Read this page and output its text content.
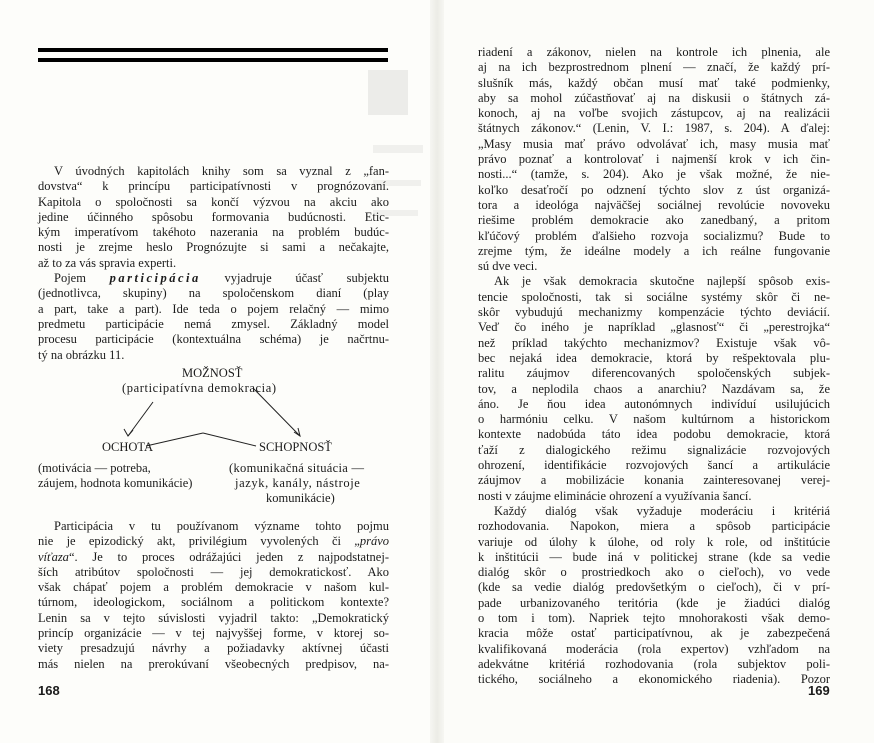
V úvodných kapitolách knihy som sa vyznal z „fan-
dovstva“ k princípu participatívnosti v prognózovaní.
Kapitola o spoločnosti sa končí výzvou na akciu ako
jedine účinného spôsobu formovania budúcnosti. Etic-
kým imperatívom takéhoto nazerania na problém budúc-
nosti je zrejme heslo Prognózujte si sami a nečakajte,
až to za vás spravia experti.
Pojem participácia vyjadruje účasť subjektu
(jednotlivca, skupiny) na spoločenskom dianí (play
a part, take a part). Ide teda o pojem relačný — mimo
predmetu participácie nemá zmysel. Základný model
procesu participácie (kontextuálna schéma) je načrtnu-
tý na obrázku 11.
MOŽNOSŤ
(participatívna demokracia)
OCHOTA	SCHOPNOSŤ
(motivácia — potreba,
záujem, hodnota komunikácie)
(komunikačná situácia —
jazyk, kanály, nástroje
komunikácie)
Participácia v tu používanom význame tohto pojmu
nie je epizodický akt, privilégium vyvolených či „právo
víťaza“. Je to proces odrážajúci jeden z najpodstatnej-
ších atribútov spoločnosti — jej demokratickosť. Ako
však chápať pojem a problém demokracie v našom kul-
túrnom, ideologickom, sociálnom a politickom kontexte?
Lenin sa v tejto súvislosti vyjadril takto: „Demokratický
princíp organizácie — v tej najvyššej forme, v ktorej so-
viety presadzujú návrhy a požiadavky aktívnej účasti
más nielen na prerokúvaní všeobecných predpisov, na-
168
riadení a zákonov, nielen na kontrole ich plnenia, ale
aj na ich bezprostrednom plnení — značí, že každý prí-
slušník más, každý občan musí mať také podmienky,
aby sa mohol zúčastňovať aj na diskusii o štátnych zá-
konoch, aj na voľbe svojich zástupcov, aj na realizácii
štátnych zákonov.“ (Lenin, V. I.: 1987, s. 204). A ďalej:
„Masy musia mať právo odvolávať ich, masy musia mať
právo poznať a kontrolovať i najmenší krok v ich čin-
nosti...“ (tamže, s. 204). Ako je však možné, že nie-
koľko desaťročí po odznení týchto slov z úst organizá-
tora a ideológa najväčšej sociálnej revolúcie novoveku
riešime problém demokracie ako zanedbaný, a pritom
kľúčový problém ďalšieho rozvoja socializmu? Bude to
zrejme tým, že ideálne modely a ich reálne fungovanie
sú dve veci.
Ak je však demokracia skutočne najlepší spôsob exis-
tencie spoločnosti, tak si sociálne systémy skôr či ne-
skôr vybudujú mechanizmy kompenzácie týchto deviácií.
Veď čo iného je napríklad „glasnosť“ či „perestrojka“
než príklad takýchto mechanizmov? Existuje však vô-
bec nejaká idea demokracie, ktorá by rešpektovala plu-
ralitu záujmov diferencovaných spoločenských subjek-
tov, a neplodila chaos a anarchiu? Nazdávam sa, že
áno. Je ňou idea autonómnych indivíduí usilujúcich
o harmóniu celku. V našom kultúrnom a historickom
kontexte nadobúda táto idea podobu demokracie, ktorá
ťaží z dialogického režimu signalizácie rozvojových
ohrození, identifikácie rozvojových šancí a artikulácie
záujmov a mobilizácie konania zainteresovanej verej-
nosti v záujme eliminácie ohrození a využívania šancí.
Každý dialóg však vyžaduje moderáciu i kritériá
rozhodovania. Napokon, miera a spôsob participácie
variuje od úlohy k úlohe, od roly k role, od inštitúcie
k inštitúcii — bude iná v politickej strane (kde sa vedie
dialóg skôr o prostriedkoch ako o cieľoch), vo vede
(kde sa vedie dialóg predovšetkým o cieľoch), či v prí-
pade urbanizovaného teritória (kde je žiadúci dialóg
o tom i tom). Napriek tejto mnohorakosti však demo-
kracia môže ostať participatívnou, ak je zabezpečená
kvalifikovaná moderácia (rola expertov) vzhľadom na
adekvátne kritériá rozhodovania (rola subjektov poli-
tického, sociálneho a ekonomického riadenia). Pozor
169
